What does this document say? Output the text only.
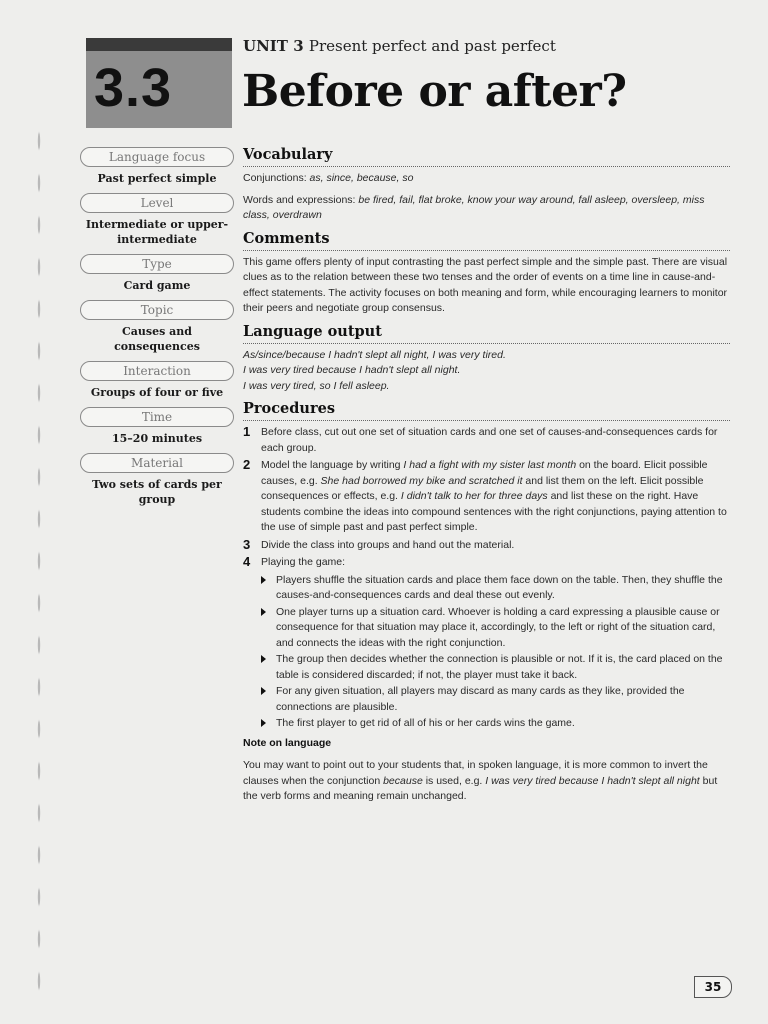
3.3
UNIT 3 Present perfect and past perfect
Before or after?
Language focus
Past perfect simple
Level
Intermediate or upper-intermediate
Type
Card game
Topic
Causes and consequences
Interaction
Groups of four or five
Time
15–20 minutes
Material
Two sets of cards per group
Vocabulary
Conjunctions: as, since, because, so
Words and expressions: be fired, fail, flat broke, know your way around, fall asleep, oversleep, miss class, overdrawn
Comments
This game offers plenty of input contrasting the past perfect simple and the simple past. There are visual clues as to the relation between these two tenses and the order of events on a time line in cause-and-effect statements. The activity focuses on both meaning and form, while encouraging learners to monitor their peers and negotiate group consensus.
Language output
As/since/because I hadn't slept all night, I was very tired.
I was very tired because I hadn't slept all night.
I was very tired, so I fell asleep.
Procedures
1 Before class, cut out one set of situation cards and one set of causes-and-consequences cards for each group.
2 Model the language by writing I had a fight with my sister last month on the board. Elicit possible causes, e.g. She had borrowed my bike and scratched it and list them on the left. Elicit possible consequences or effects, e.g. I didn't talk to her for three days and list these on the right. Have students combine the ideas into compound sentences with the right conjunctions, paying attention to the use of simple past and past perfect simple.
3 Divide the class into groups and hand out the material.
4 Playing the game:
Players shuffle the situation cards and place them face down on the table. Then, they shuffle the causes-and-consequences cards and deal these out evenly.
One player turns up a situation card. Whoever is holding a card expressing a plausible cause or consequence for that situation may place it, accordingly, to the left or right of the situation card, and connects the ideas with the right conjunction.
The group then decides whether the connection is plausible or not. If it is, the card placed on the table is considered discarded; if not, the player must take it back.
For any given situation, all players may discard as many cards as they like, provided the connections are plausible.
The first player to get rid of all of his or her cards wins the game.
Note on language
You may want to point out to your students that, in spoken language, it is more common to invert the clauses when the conjunction because is used, e.g. I was very tired because I hadn't slept all night but the verb forms and meaning remain unchanged.
35
